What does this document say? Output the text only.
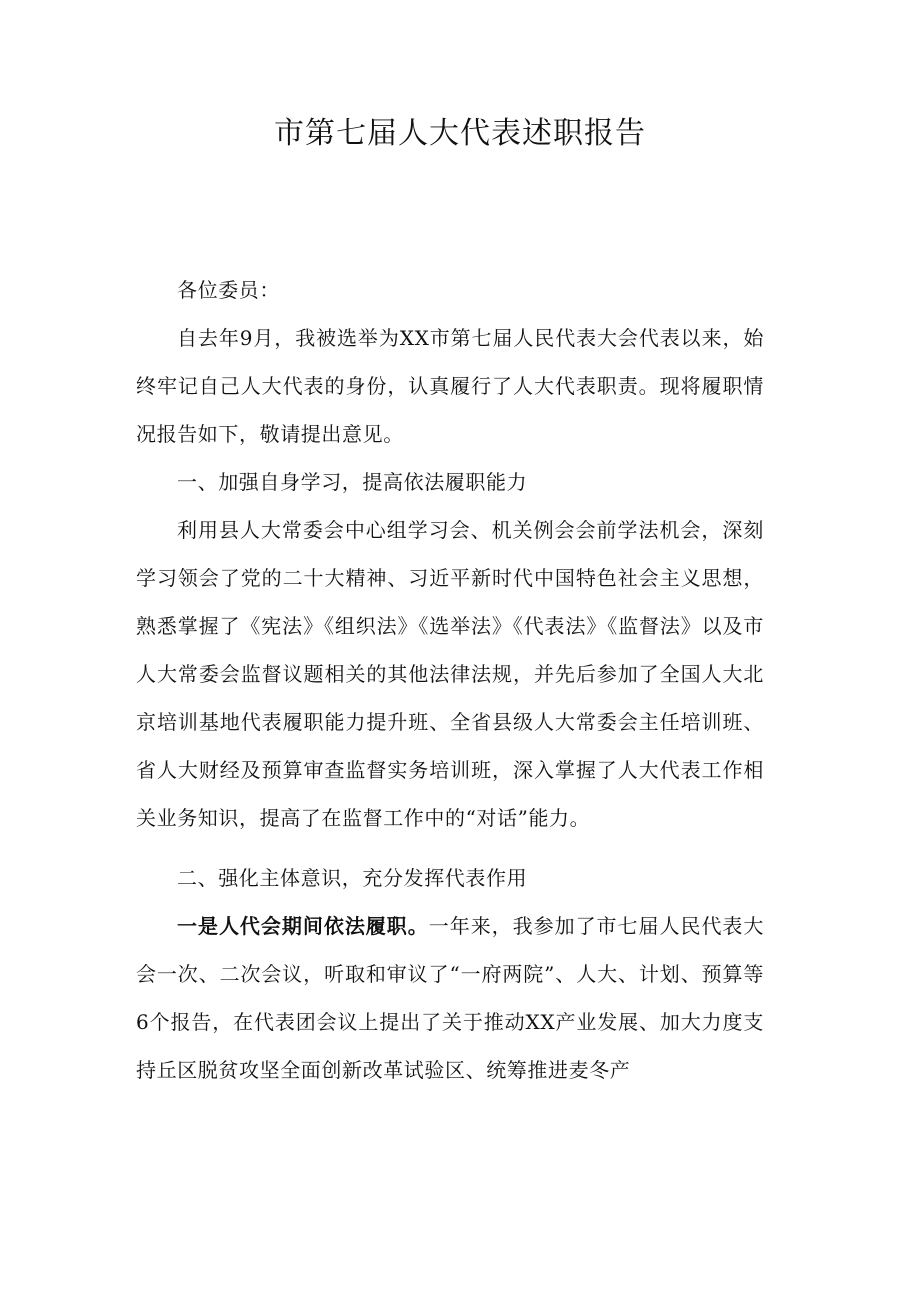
市第七届人大代表述职报告

各位委员：

自去年9月，我被选举为XX市第七届人民代表大会代表以来，始终牢记自己人大代表的身份，认真履行了人大代表职责。现将履职情况报告如下，敬请提出意见。

一、加强自身学习，提高依法履职能力

利用县人大常委会中心组学习会、机关例会会前学法机会，深刻学习领会了党的二十大精神、习近平新时代中国特色社会主义思想，熟悉掌握了《宪法》《组织法》《选举法》《代表法》《监督法》以及市人大常委会监督议题相关的其他法律法规，并先后参加了全国人大北京培训基地代表履职能力提升班、全省县级人大常委会主任培训班、省人大财经及预算审查监督实务培训班，深入掌握了人大代表工作相关业务知识，提高了在监督工作中的“对话”能力。

二、强化主体意识，充分发挥代表作用

一是人代会期间依法履职。一年来，我参加了市七届人民代表大会一次、二次会议，听取和审议了“一府两院”、人大、计划、预算等6个报告，在代表团会议上提出了关于推动XX产业发展、加大力度支持丘区脱贫攻坚全面创新改革试验区、统筹推进麦冬产
